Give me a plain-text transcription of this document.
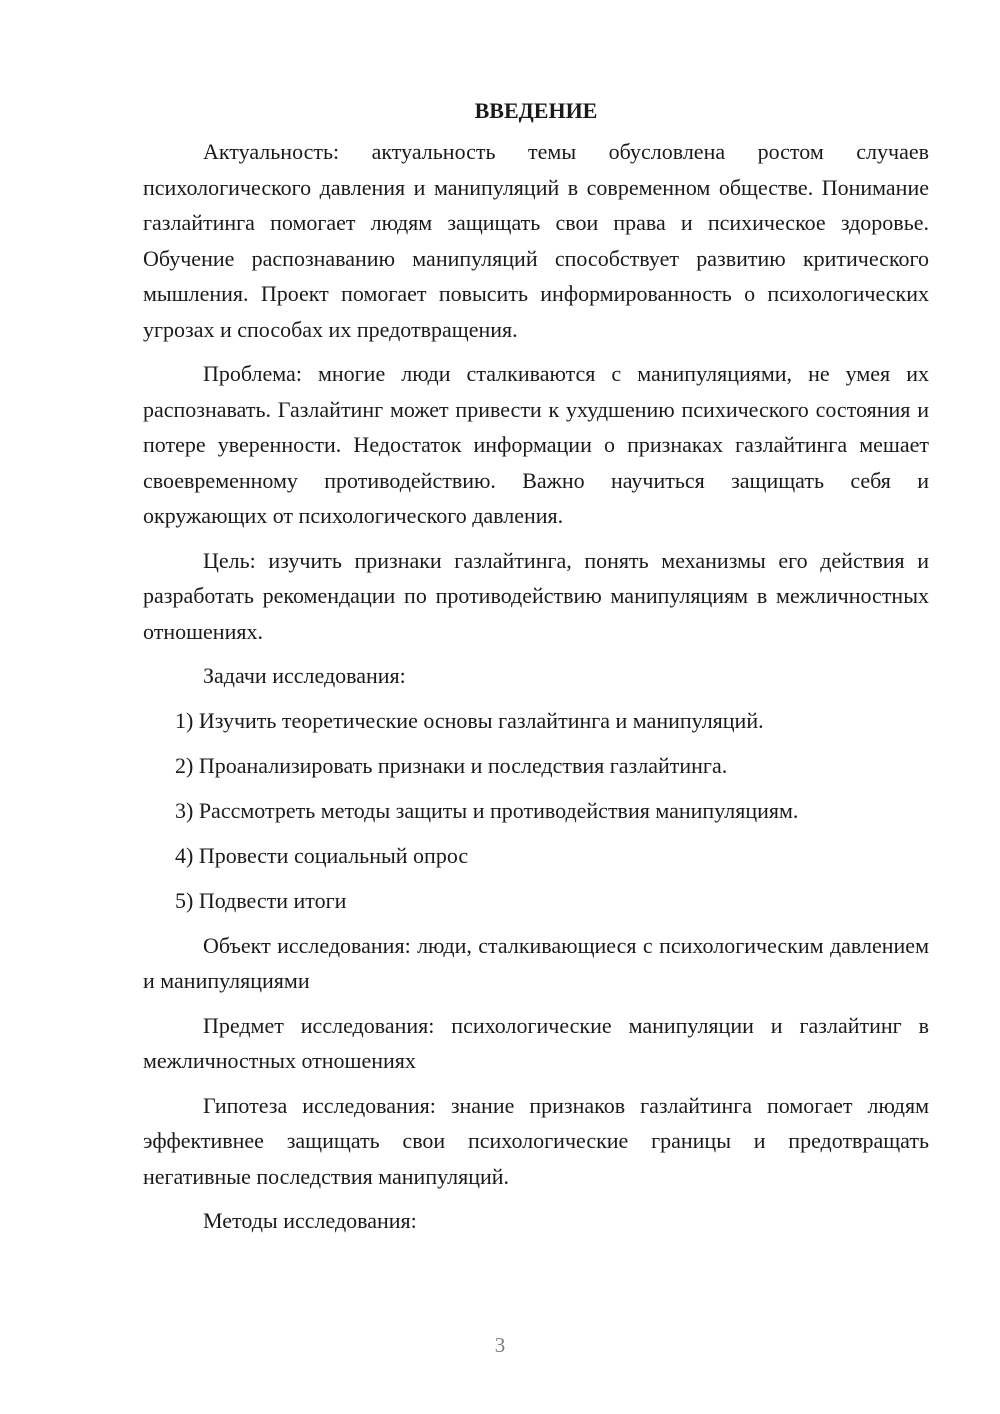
ВВЕДЕНИЕ

Актуальность: актуальность темы обусловлена ростом случаев психологического давления и манипуляций в современном обществе. Понимание газлайтинга помогает людям защищать свои права и психическое здоровье. Обучение распознаванию манипуляций способствует развитию критического мышления. Проект помогает повысить информированность о психологических угрозах и способах их предотвращения.

Проблема: многие люди сталкиваются с манипуляциями, не умея их распознавать. Газлайтинг может привести к ухудшению психического состояния и потере уверенности. Недостаток информации о признаках газлайтинга мешает своевременному противодействию. Важно научиться защищать себя и окружающих от психологического давления.

Цель: изучить признаки газлайтинга, понять механизмы его действия и разработать рекомендации по противодействию манипуляциям в межличностных отношениях.

Задачи исследования:
1) Изучить теоретические основы газлайтинга и манипуляций.
2) Проанализировать признаки и последствия газлайтинга.
3) Рассмотреть методы защиты и противодействия манипуляциям.
4) Провести социальный опрос
5) Подвести итоги

Объект исследования: люди, сталкивающиеся с психологическим давлением и манипуляциями

Предмет исследования: психологические манипуляции и газлайтинг в межличностных отношениях

Гипотеза исследования: знание признаков газлайтинга помогает людям эффективнее защищать свои психологические границы и предотвращать негативные последствия манипуляций.

Методы исследования:

3
